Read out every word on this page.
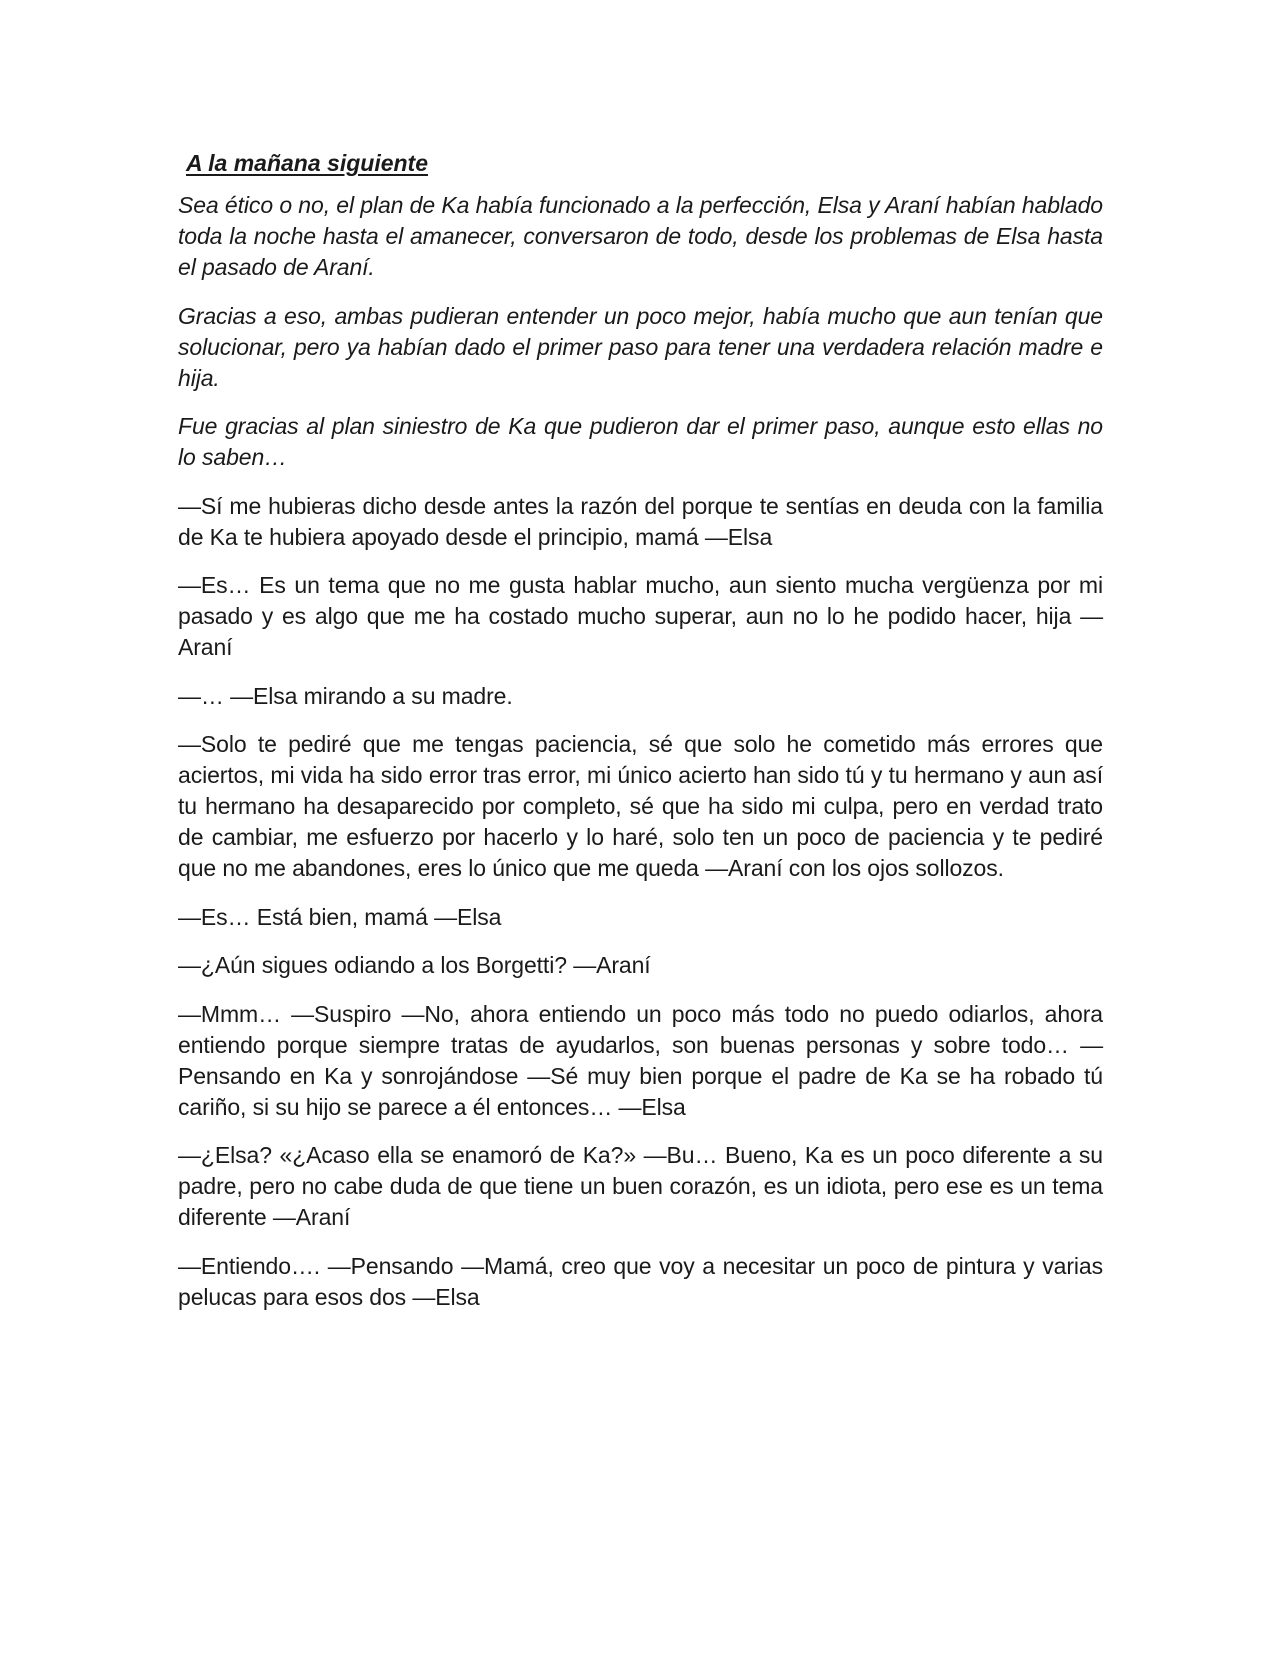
A la mañana siguiente

Sea ético o no, el plan de Ka había funcionado a la perfección, Elsa y Araní habían hablado toda la noche hasta el amanecer, conversaron de todo, desde los problemas de Elsa hasta el pasado de Araní.

Gracias a eso, ambas pudieran entender un poco mejor, había mucho que aun tenían que solucionar, pero ya habían dado el primer paso para tener una verdadera relación madre e hija.

Fue gracias al plan siniestro de Ka que pudieron dar el primer paso, aunque esto ellas no lo saben…

—Sí me hubieras dicho desde antes la razón del porque te sentías en deuda con la familia de Ka te hubiera apoyado desde el principio, mamá —Elsa

—Es… Es un tema que no me gusta hablar mucho, aun siento mucha vergüenza por mi pasado y es algo que me ha costado mucho superar, aun no lo he podido hacer, hija —Araní

—… —Elsa mirando a su madre.

—Solo te pediré que me tengas paciencia, sé que solo he cometido más errores que aciertos, mi vida ha sido error tras error, mi único acierto han sido tú y tu hermano y aun así tu hermano ha desaparecido por completo, sé que ha sido mi culpa, pero en verdad trato de cambiar, me esfuerzo por hacerlo y lo haré, solo ten un poco de paciencia y te pediré que no me abandones, eres lo único que me queda —Araní con los ojos sollozos.

—Es… Está bien, mamá —Elsa

—¿Aún sigues odiando a los Borgetti? —Araní

—Mmm… —Suspiro —No, ahora entiendo un poco más todo no puedo odiarlos, ahora entiendo porque siempre tratas de ayudarlos, son buenas personas y sobre todo… —Pensando en Ka y sonrojándose —Sé muy bien porque el padre de Ka se ha robado tú cariño, si su hijo se parece a él entonces… —Elsa

—¿Elsa? «¿Acaso ella se enamoró de Ka?» —Bu… Bueno, Ka es un poco diferente a su padre, pero no cabe duda de que tiene un buen corazón, es un idiota, pero ese es un tema diferente —Araní

—Entiendo…. —Pensando —Mamá, creo que voy a necesitar un poco de pintura y varias pelucas para esos dos —Elsa
